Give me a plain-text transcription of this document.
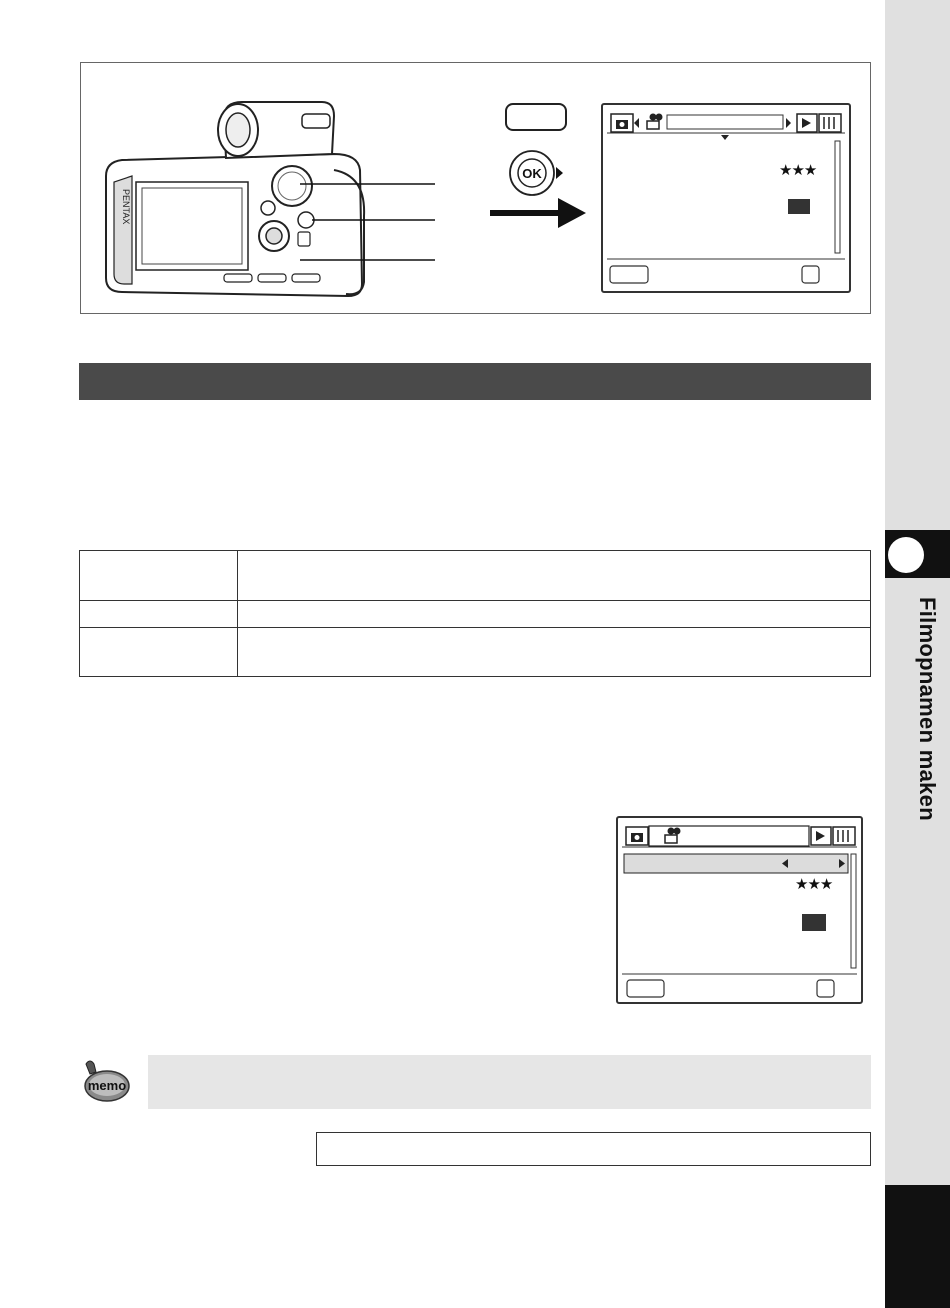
PENTAX
OK	★★★

★★★
memo
Filmopnamen maken
